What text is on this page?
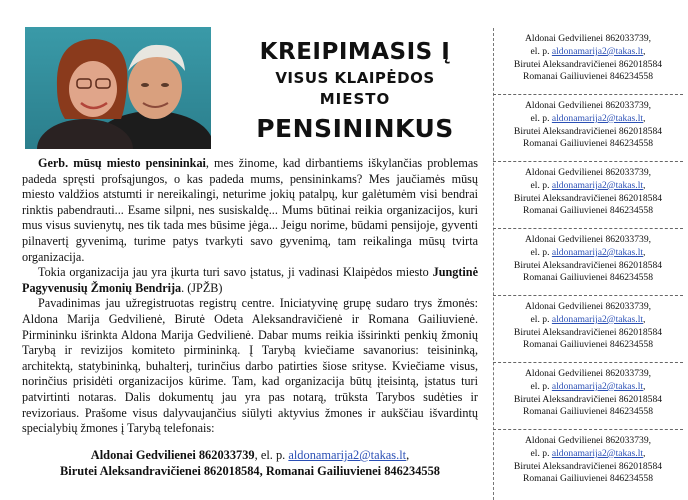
KREIPIMASIS Į
VISUS KLAIPĖDOS
MIESTO
PENSININKUS

Gerb. mūsų miesto pensininkai, mes žinome, kad dirbantiems iškylančias problemas padeda spręsti profsąjungos, o kas padeda mums, pensininkams? Mes jaučiamės mūsų miesto valdžios atstumti ir nereikalingi, neturime jokių patalpų, kur galėtumėm visi bendrai rinktis pabendrauti... Esame silpni, nes susiskaldę... Mums būtinai reikia organizacijos, kuri mus visus suvienytų, nes tik tada mes būsime jėga... Jeigu norime, būdami pensijoje, gyventi pilnavertį gyvenimą, turime patys tvarkyti savo gyvenimą, tam reikalinga mūsų tvirta organizacija.

Tokia organizacija jau yra įkurta turi savo įstatus, ji vadinasi Klaipėdos miesto Jungtinė Pagyvenusių Žmonių Bendrija. (JPŽB)

Pavadinimas jau užregistruotas registrų centre. Iniciatyvinę grupę sudaro trys žmonės: Aldona Marija Gedvilienė, Birutė Odeta Aleksandravičienė ir Romana Gailiuvienė. Pirmininku išrinkta Aldona Marija Gedvilienė. Dabar mums reikia išsirinkti penkių žmonių Tarybą ir revizijos komiteto pirmininką. Į Tarybą kviečiame savanorius: teisininką, architektą, statybininką, buhalterį, turinčius darbo patirties šiose srityse. Kviečiame visus, norinčius prisidėti organizacijos kūrime. Tam, kad organizacija būtų įteisintą, įstatus turi patvirtinti notaras. Dalis dokumentų jau yra pas notarą, trūksta Tarybos sudėties ir revizoriaus. Prašome visus dalyvaujančius siūlyti aktyvius žmones ir aukščiau išvardintų specialybių žmones į Tarybą telefonais:

Aldonai Gedvilienei 862033739, el. p. aldonamarija2@takas.lt,
Birutei Aleksandravičienei 862018584, Romanai Gailiuvienei 846234558
Aldonai Gedvilienei 862033739,
el. p. aldonamarija2@takas.lt,
Birutei Aleksandravičienei 862018584
Romanai Gailiuvienei 846234558
Aldonai Gedvilienei 862033739,
el. p. aldonamarija2@takas.lt,
Birutei Aleksandravičienei 862018584
Romanai Gailiuvienei 846234558
Aldonai Gedvilienei 862033739,
el. p. aldonamarija2@takas.lt,
Birutei Aleksandravičienei 862018584
Romanai Gailiuvienei 846234558
Aldonai Gedvilienei 862033739,
el. p. aldonamarija2@takas.lt,
Birutei Aleksandravičienei 862018584
Romanai Gailiuvienei 846234558
Aldonai Gedvilienei 862033739,
el. p. aldonamarija2@takas.lt,
Birutei Aleksandravičienei 862018584
Romanai Gailiuvienei 846234558
Aldonai Gedvilienei 862033739,
el. p. aldonamarija2@takas.lt,
Birutei Aleksandravičienei 862018584
Romanai Gailiuvienei 846234558
Aldonai Gedvilienei 862033739,
el. p. aldonamarija2@takas.lt,
Birutei Aleksandravičienei 862018584
Romanai Gailiuvienei 846234558
